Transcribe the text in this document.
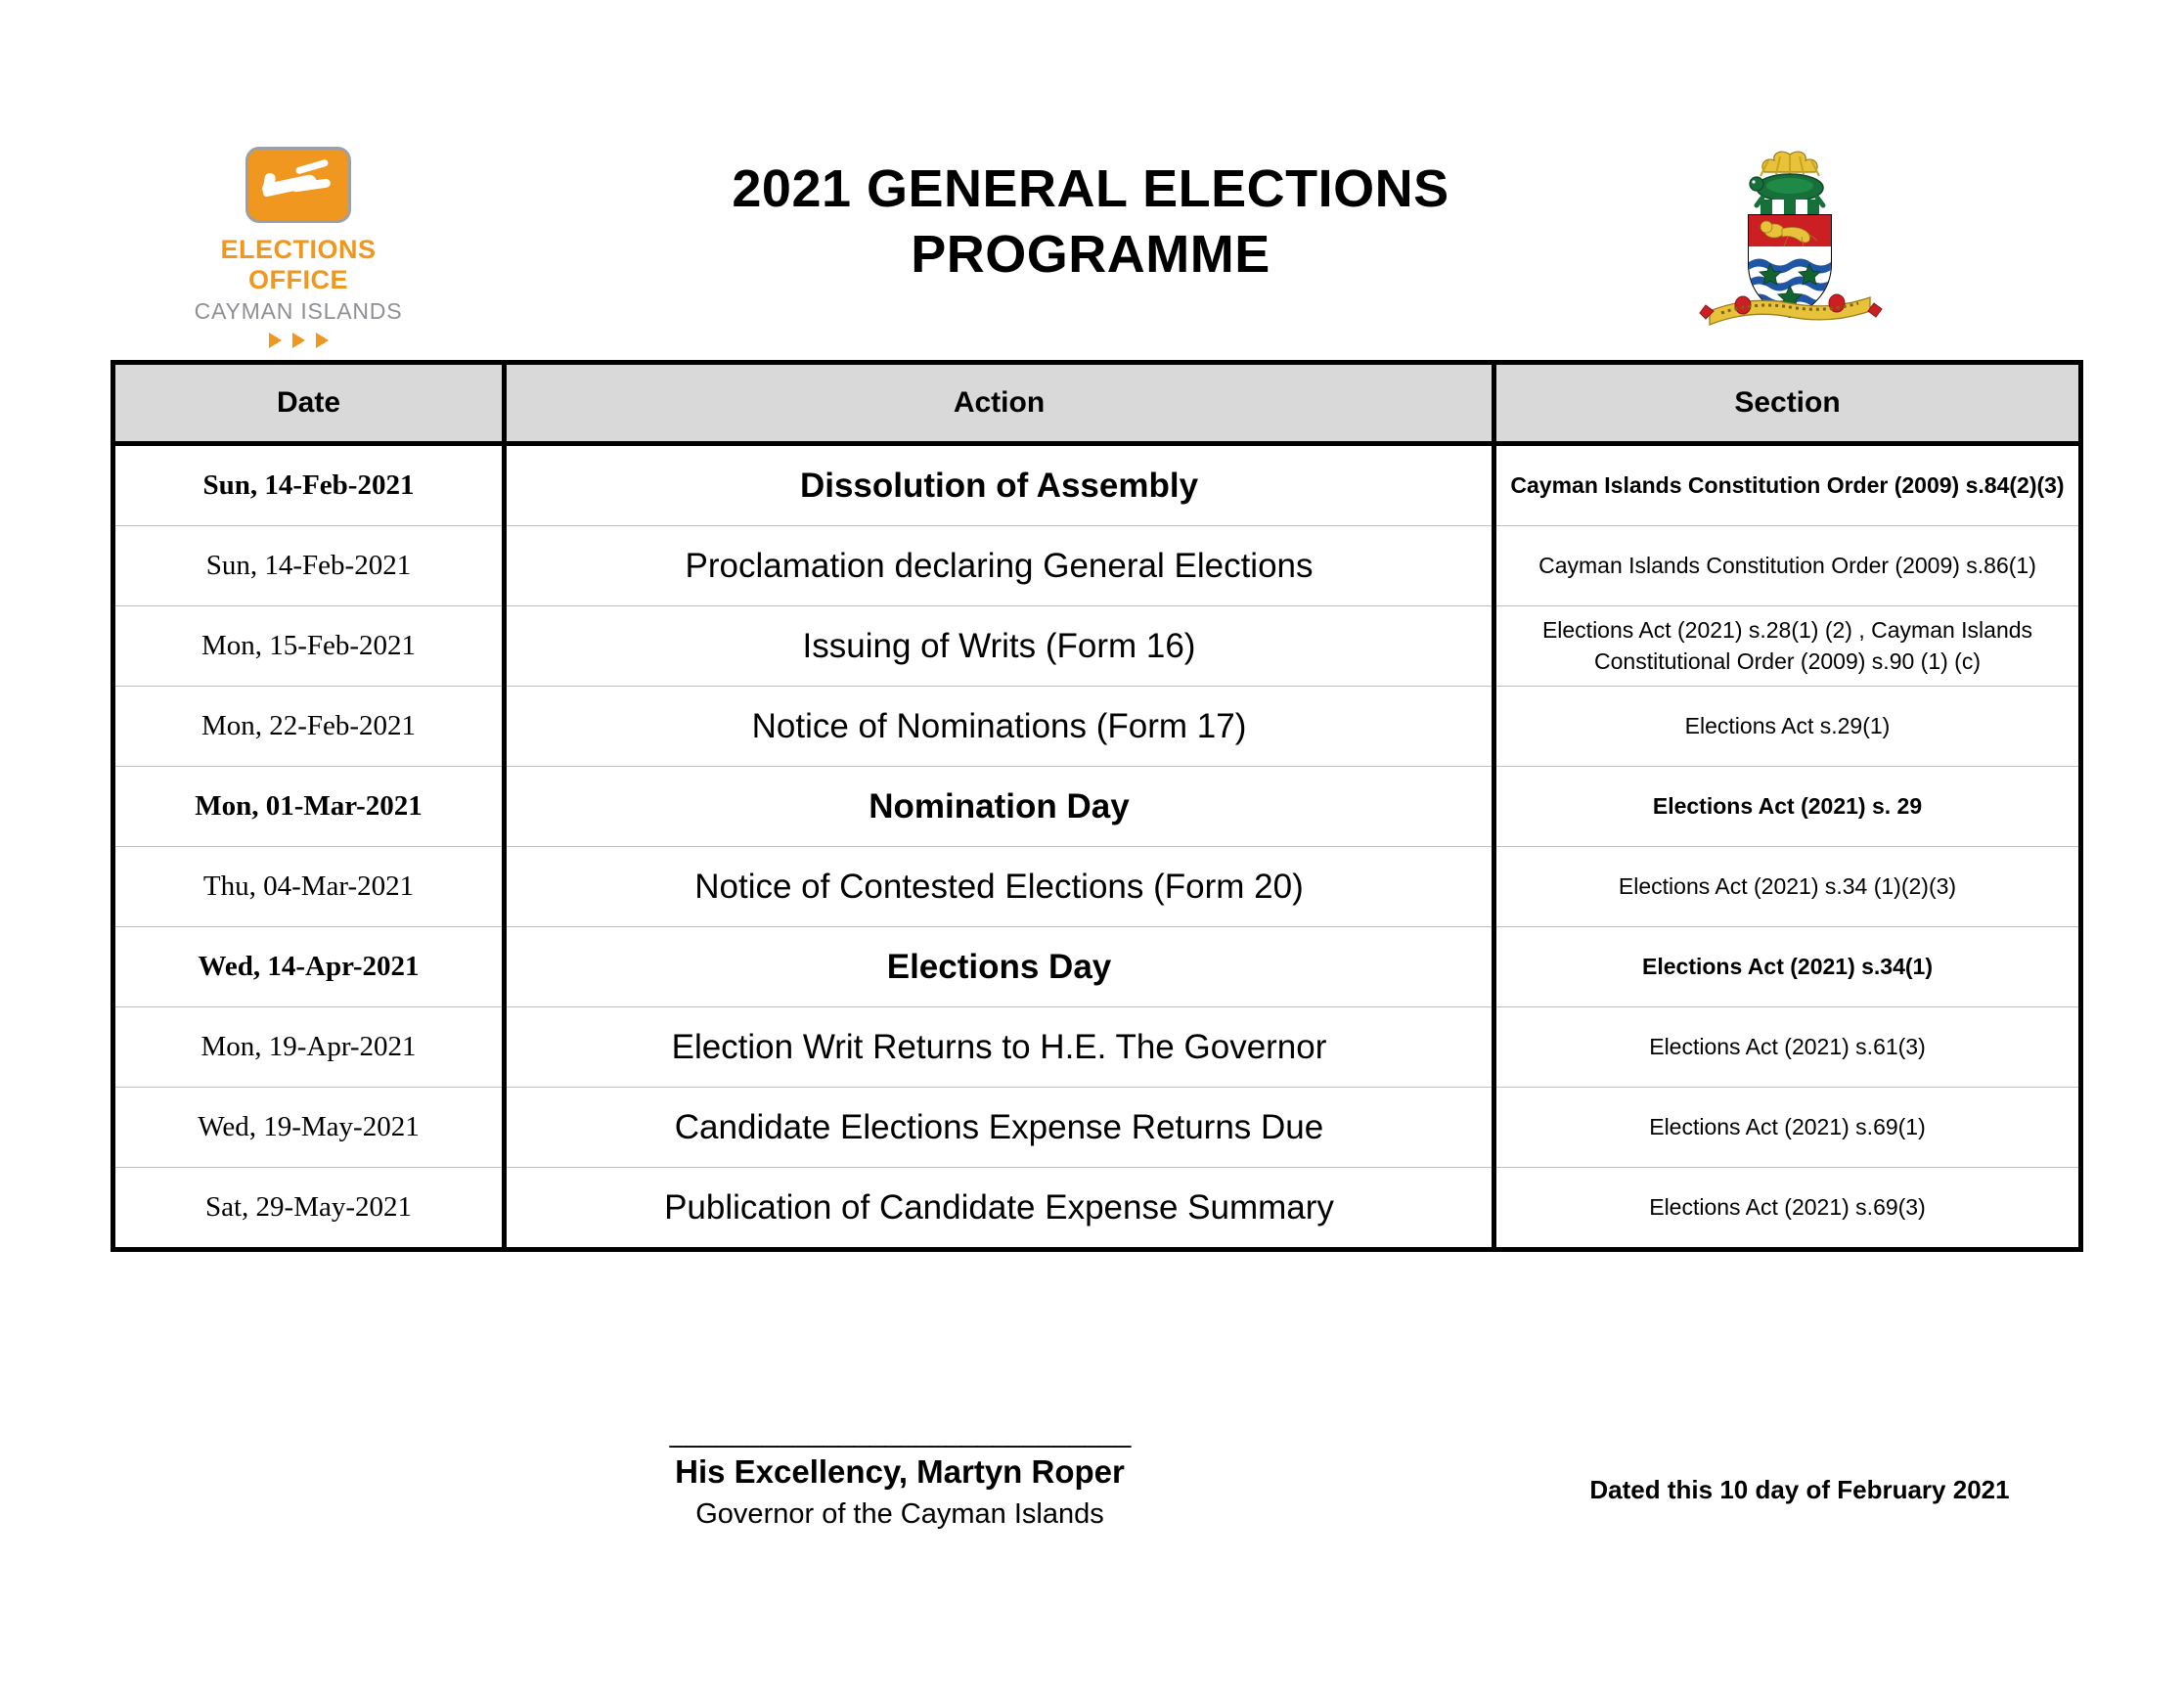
ELECTIONS OFFICE
CAYMAN ISLANDS
2021 GENERAL ELECTIONS
PROGRAMME
Date	Action	Section
Sun, 14-Feb-2021	Dissolution of Assembly	Cayman Islands Constitution Order (2009) s.84(2)(3)
Sun, 14-Feb-2021	Proclamation declaring General Elections	Cayman Islands Constitution Order (2009) s.86(1)
Mon, 15-Feb-2021	Issuing of Writs (Form 16)	Elections Act (2021) s.28(1) (2) , Cayman Islands Constitutional Order (2009) s.90 (1) (c)
Mon, 22-Feb-2021	Notice of Nominations (Form 17)	Elections Act s.29(1)
Mon, 01-Mar-2021	Nomination Day	Elections Act (2021) s. 29
Thu, 04-Mar-2021	Notice of Contested Elections (Form 20)	Elections Act (2021) s.34 (1)(2)(3)
Wed, 14-Apr-2021	Elections Day	Elections Act (2021) s.34(1)
Mon, 19-Apr-2021	Election Writ Returns to H.E. The Governor	Elections Act (2021) s.61(3)
Wed, 19-May-2021	Candidate Elections Expense Returns Due	Elections Act (2021) s.69(1)
Sat, 29-May-2021	Publication of Candidate Expense Summary	Elections Act (2021) s.69(3)
______________________________
His Excellency, Martyn Roper
Governor of the Cayman Islands
Dated this 10 day of February 2021
